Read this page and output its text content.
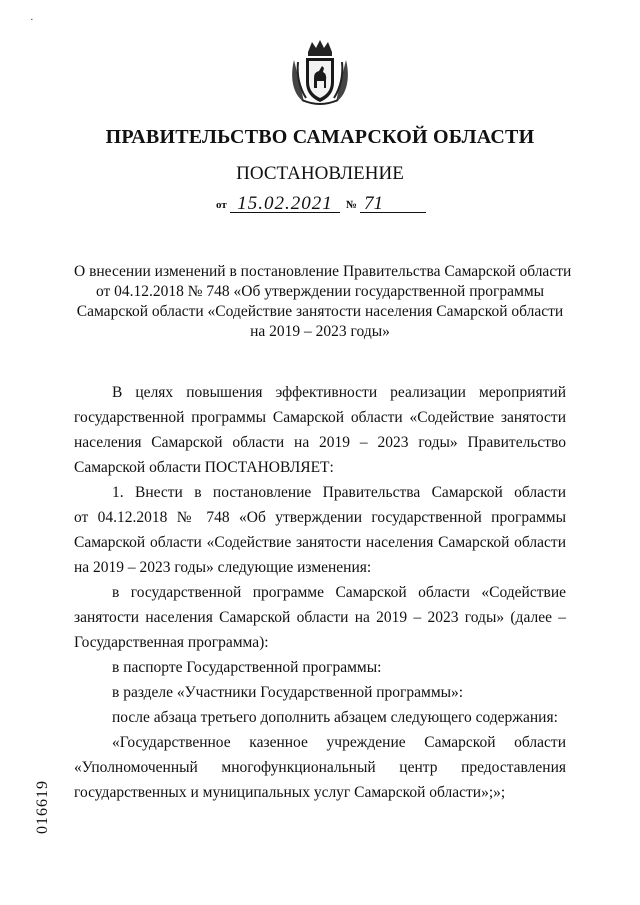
·
ПРАВИТЕЛЬСТВО САМАРСКОЙ ОБЛАСТИ
ПОСТАНОВЛЕНИЕ
от 15.02.2021	№ 71
О внесении изменений в постановление Правительства Самарской области
от 04.12.2018 № 748 «Об утверждении государственной программы
Самарской области «Содействие занятости населения Самарской области
на 2019 – 2023 годы»
В целях повышения эффективности реализации мероприятий
государственной программы Самарской области «Содействие занятости
населения Самарской области на 2019 – 2023 годы» Правительство
Самарской области ПОСТАНОВЛЯЕТ:
1. Внести в постановление Правительства Самарской области
от 04.12.2018 № 748 «Об утверждении государственной программы
Самарской области «Содействие занятости населения Самарской области
на 2019 – 2023 годы» следующие изменения:
в государственной программе Самарской области «Содействие
занятости населения Самарской области на 2019 – 2023 годы» (далее –
Государственная программа):
в паспорте Государственной программы:
в разделе «Участники Государственной программы»:
после абзаца третьего дополнить абзацем следующего содержания:
«Государственное казенное учреждение Самарской области
«Уполномоченный многофункциональный центр предоставления
государственных и муниципальных услуг Самарской области»;»;
016619
